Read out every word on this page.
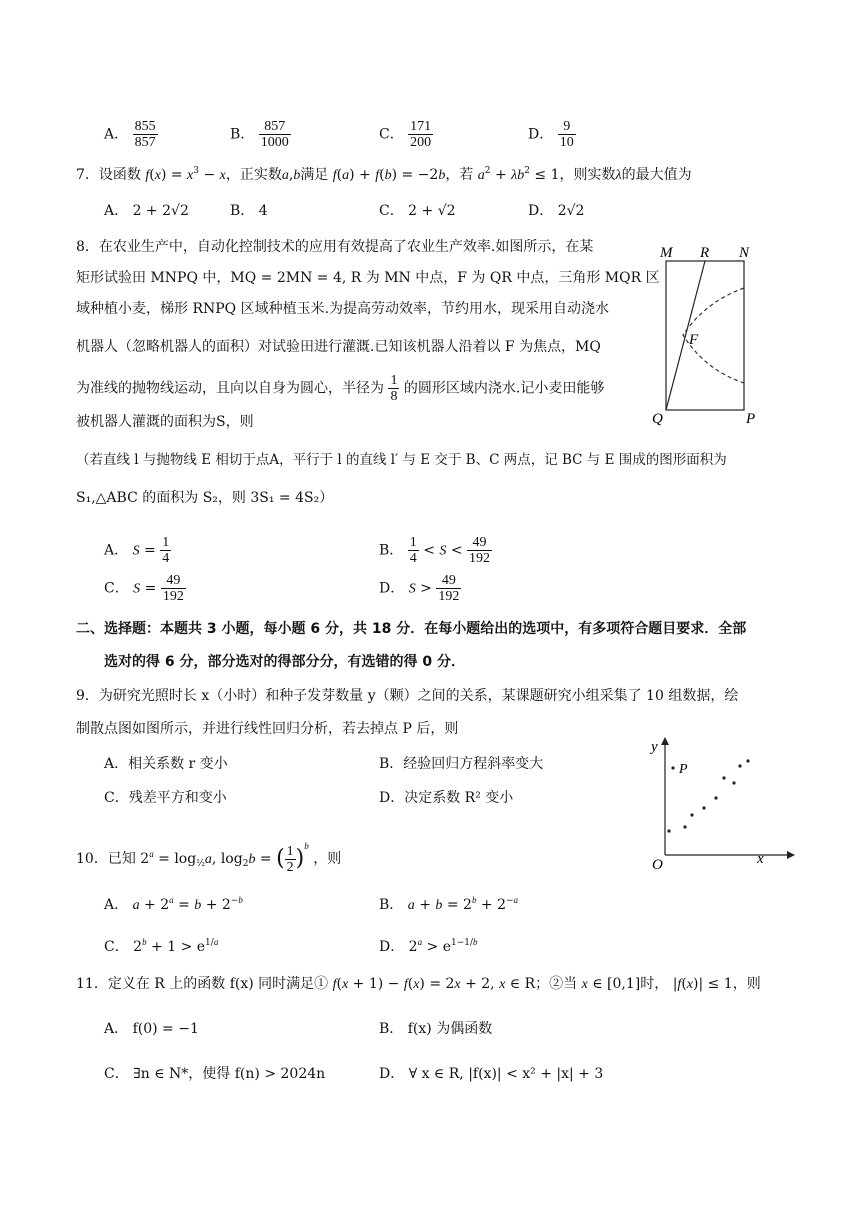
A． $\frac{855}{857}$	B． $\frac{857}{1000}$	C． $\frac{171}{200}$	D． $\frac{9}{10}$
7．设函数 $f(x) = x^3 - x$，正实数a,b满足 f(a) + f(b) = −2b，若 $a^2 + \lambda b^2 \le 1$，则实数λ的最大值为
A． 2 + 2√2	B． 4	C． 2 + √2	D． 2√2
8．在农业生产中，自动化控制技术的应用有效提高了农业生产效率.如图所示，在某
矩形试验田 MNPQ 中，MQ = 2MN = 4, R 为 MN 中点，F 为 QR 中点，三角形 MQR 区
域种植小麦，梯形 RNPQ 区域种植玉米.为提高劳动效率，节约用水，现采用自动浇水
机器人（忽略机器人的面积）对试验田进行灌溉.已知该机器人沿着以 F 为焦点，MQ
为准线的抛物线运动，且向以自身为圆心，半径为 $\frac{1}{8}$ 的圆形区域内浇水.记小麦田能够
被机器人灌溉的面积为S，则
（若直线 l 与抛物线 E 相切于点A，平行于 l 的直线 l′ 与 E 交于 B、C 两点，记 BC 与 E 围成的图形面积为
S₁,△ABC 的面积为 S₂，则 3S₁ = 4S₂）
M R N
F
Q	P
A． $S = \frac{1}{4}$	B． $\frac{1}{4} < S < \frac{49}{192}$
C． $S = \frac{49}{192}$	D． $S > \frac{49}{192}$
二、选择题：本题共 3 小题，每小题 6 分，共 18 分．在每小题给出的选项中，有多项符合题目要求．全部
选对的得 6 分，部分选对的得部分分，有选错的得 0 分．
9．为研究光照时长 x（小时）和种子发芽数量 y（颗）之间的关系，某课题研究小组采集了 10 组数据，绘
制散点图如图所示，并进行线性回归分析，若去掉点 P 后，则
A．相关系数 r 变小	B．经验回归方程斜率变大
C．残差平方和变小	D．决定系数 R² 变小
y
x
O
P
10．已知 $2^a = \log_{\frac{1}{2}}a$, $\log_2b$ = ( $\frac{1}{2} )^b$ ，则
A． $a + 2^a = b + 2^{-b}$	B． $a + b = 2^b + 2^{-a}$
C． $2^b + 1 > e^{1/a}$	D． $2^a > e^{1-1/b}$
11．定义在 R 上的函数 f(x) 同时满足① f(x + 1) − f(x) = 2x + 2, x ∈ R；②当 x ∈ [0,1]时， |f(x)| ≤ 1，则
A． f(0) = −1	B． f(x) 为偶函数
C． ∃n ∈ N*，使得 f(n) > 2024n	D． ∀ x ∈ R, |f(x)| < x² + |x| + 3
